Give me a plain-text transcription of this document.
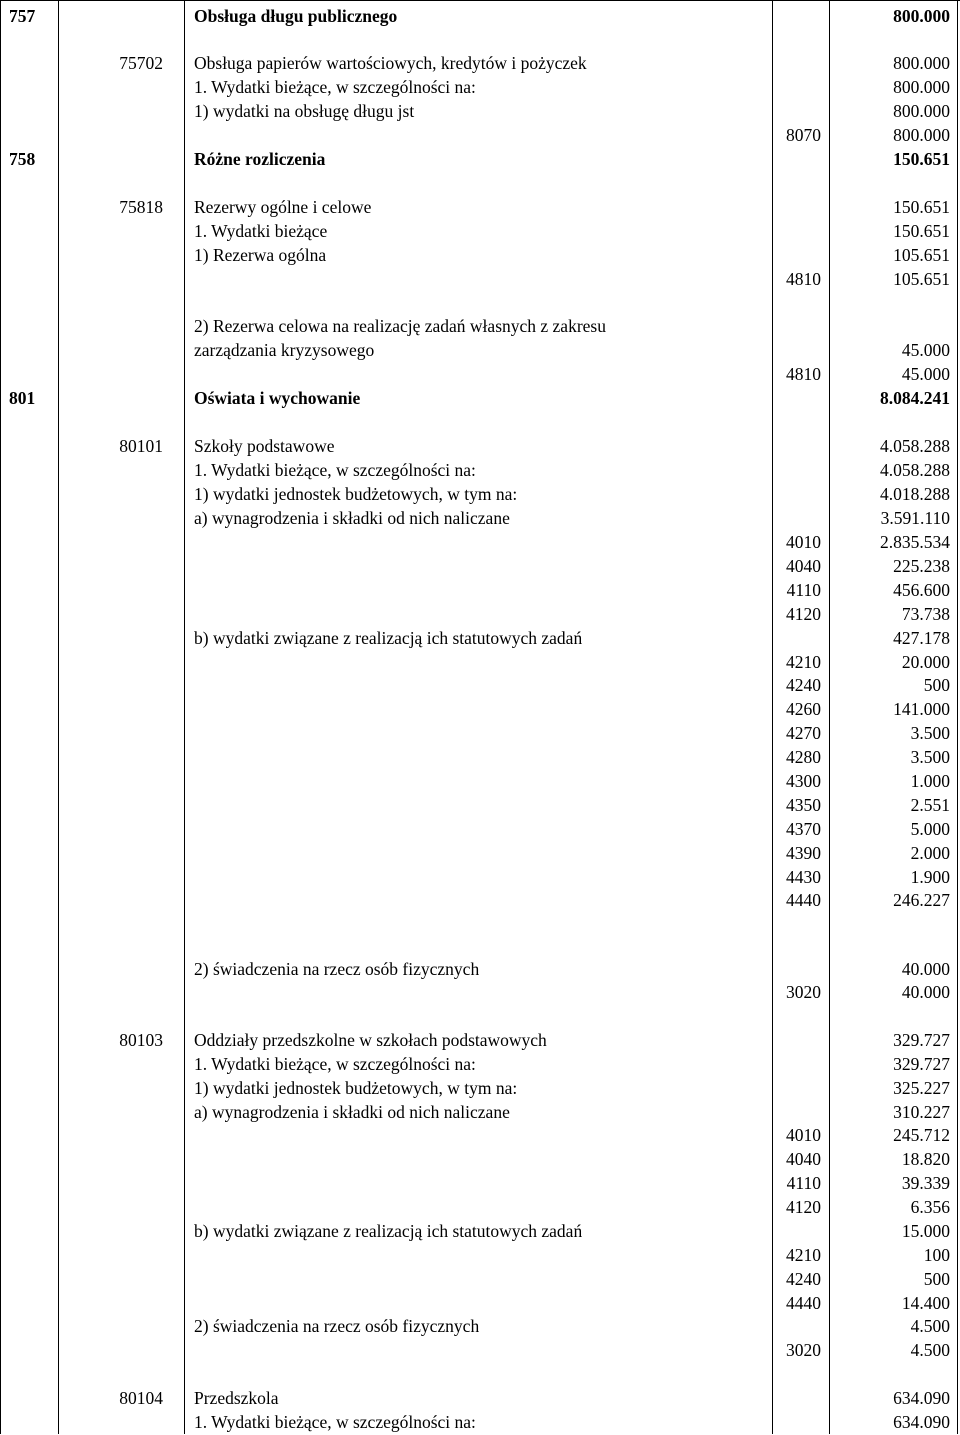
757	Obsługa długu publicznego	800.000
75702 Obsługa papierów wartościowych, kredytów i pożyczek	800.000
1. Wydatki bieżące, w szczególności na:	800.000
1) wydatki na obsługę długu jst	800.000
8070	800.000
758	Różne rozliczenia	150.651
75818 Rezerwy ogólne i celowe	150.651
1. Wydatki bieżące	150.651
1) Rezerwa ogólna	105.651
4810	105.651
2) Rezerwa celowa na realizację zadań własnych z zakresu
zarządzania kryzysowego	45.000
4810	45.000
801	Oświata i wychowanie	8.084.241
80101 Szkoły podstawowe	4.058.288
1. Wydatki bieżące, w szczególności na:	4.058.288
1) wydatki jednostek budżetowych, w tym na:	4.018.288
a) wynagrodzenia i składki od nich naliczane	3.591.110
4010	2.835.534
4040	225.238
4110	456.600
4120	73.738
b) wydatki związane z realizacją ich statutowych zadań	427.178
4210	20.000
4240	500
4260	141.000
4270	3.500
4280	3.500
4300	1.000
4350	2.551
4370	5.000
4390	2.000
4430	1.900
4440	246.227
2) świadczenia na rzecz osób fizycznych	40.000
3020	40.000
80103 Oddziały przedszkolne w szkołach podstawowych	329.727
1. Wydatki bieżące, w szczególności na:	329.727
1) wydatki jednostek budżetowych, w tym na:	325.227
a) wynagrodzenia i składki od nich naliczane	310.227
4010	245.712
4040	18.820
4110	39.339
4120	6.356
b) wydatki związane z realizacją ich statutowych zadań	15.000
4210	100
4240	500
4440	14.400
2) świadczenia na rzecz osób fizycznych	4.500
3020	4.500
80104 Przedszkola	634.090
1. Wydatki bieżące, w szczególności na:	634.090
